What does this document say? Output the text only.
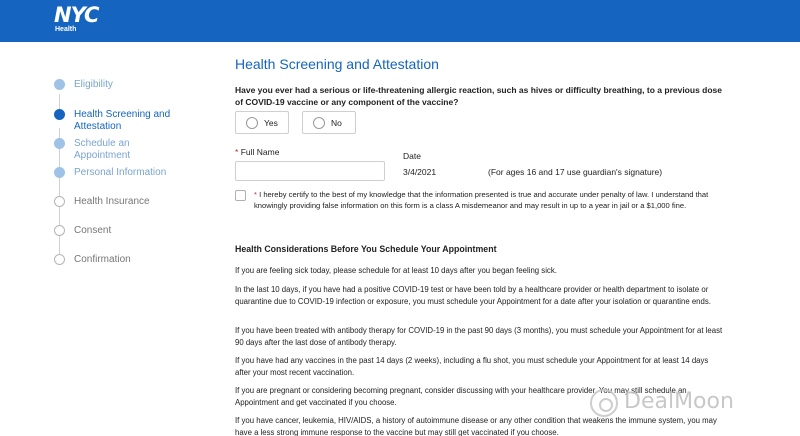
NYC
Health
Eligibility
Health Screening and Attestation
Schedule an Appointment
Personal Information
Health Insurance
Consent
Confirmation
Health Screening and Attestation
Have you ever had a serious or life-threatening allergic reaction, such as hives or difficulty breathing, to a previous dose of COVID-19 vaccine or any component of the vaccine?
Yes	No
* Full Name	Date
3/4/2021	(For ages 16 and 17 use guardian's signature)
* I hereby certify to the best of my knowledge that the information presented is true and accurate under penalty of law. I understand that knowingly providing false information on this form is a class A misdemeanor and may result in up to a year in jail or a $1,000 fine.
Health Considerations Before You Schedule Your Appointment
If you are feeling sick today, please schedule for at least 10 days after you began feeling sick.
In the last 10 days, if you have had a positive COVID-19 test or have been told by a healthcare provider or health department to isolate or quarantine due to COVID-19 infection or exposure, you must schedule your Appointment for a date after your isolation or quarantine ends.
If you have been treated with antibody therapy for COVID-19 in the past 90 days (3 months), you must schedule your Appointment for at least 90 days after the last dose of antibody therapy.
If you have had any vaccines in the past 14 days (2 weeks), including a flu shot, you must schedule your Appointment for at least 14 days after your most recent vaccination.
If you are pregnant or considering becoming pregnant, consider discussing with your healthcare provider. You may still schedule an Appointment and get vaccinated if you choose.
If you have cancer, leukemia, HIV/AIDS, a history of autoimmune disease or any other condition that weakens the immune system, you may have a less strong immune response to the vaccine but may still get vaccinated if you choose.
DealMoon
